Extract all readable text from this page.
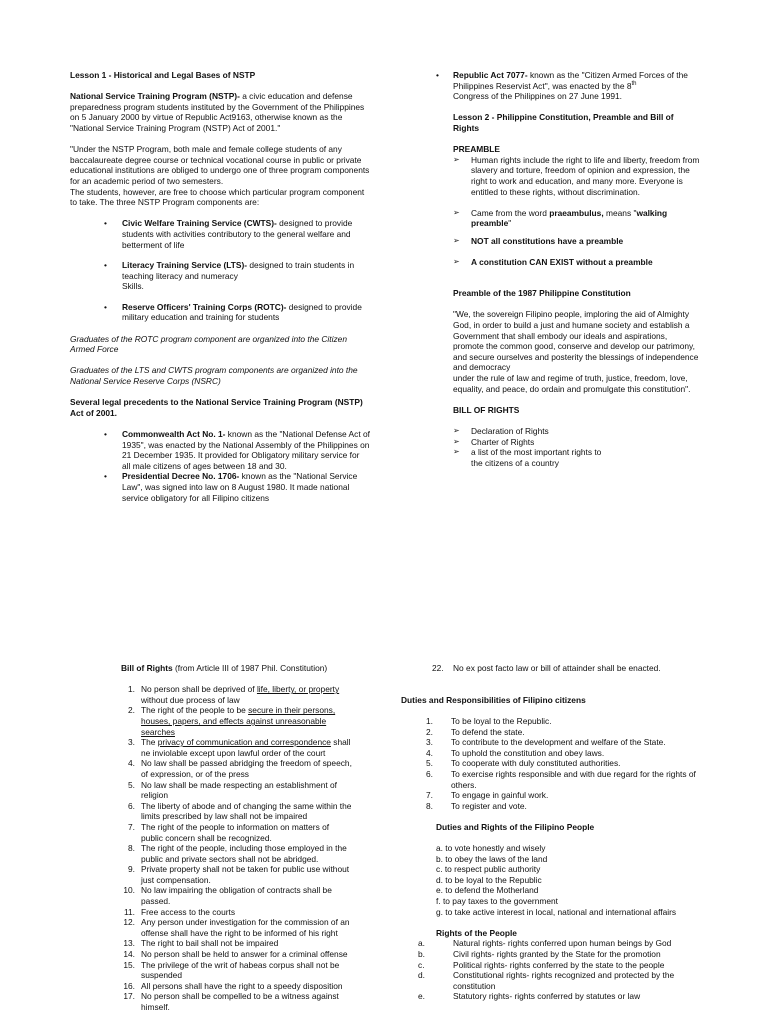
Lesson 1 - Historical and Legal Bases of NSTP

National Service Training Program (NSTP)- a civic education and defense preparedness program students instituted by the Government of the Philippines on 5 January 2000 by virtue of Republic Act9163, otherwise known as the "National Service Training Program (NSTP) Act of 2001."

"Under the NSTP Program, both male and female college students of any baccalaureate degree course or technical vocational course in public or private educational institutions are obliged to undergo one of three program components for an academic period of two semesters.

The students, however, are free to choose which particular program component to take. The three NSTP Program components are:

• Civic Welfare Training Service (CWTS)- designed to provide students with activities contributory to the general welfare and betterment of life
• Literacy Training Service (LTS)- designed to train students in teaching literacy and numeracy
Skills.
• Reserve Officers' Training Corps (ROTC)- designed to provide military education and training for students

Graduates of the ROTC program component are organized into the Citizen Armed Force

Graduates of the LTS and CWTS program components are organized into the National Service Reserve Corps (NSRC)

Several legal precedents to the National Service Training Program (NSTP) Act of 2001.

• Commonwealth Act No. 1- known as the "National Defense Act of 1935", was enacted by the National Assembly of the Philippines on 21 December 1935. It provided for Obligatory military service for all male citizens of ages between 18 and 30.
• Presidential Decree No. 1706- known as the "National Service Law", was signed into law on 8 August 1980. It made national service obligatory for all Filipino citizens
• Republic Act 7077- known as the "Citizen Armed Forces of the Philippines Reservist Act", was enacted by the 8th
Congress of the Philippines on 27 June 1991.

Lesson 2 - Philippine Constitution, Preamble and Bill of Rights

PREAMBLE

➢ Human rights include the right to life and liberty, freedom from slavery and torture, freedom of opinion and expression, the right to work and education, and many more. Everyone is entitled to these rights, without discrimination.
➢ Came from the word praeambulus, means "walking preamble"
➢ NOT all constitutions have a preamble
➢ A constitution CAN EXIST without a preamble

Preamble of the 1987 Philippine Constitution

"We, the sovereign Filipino people, imploring the aid of Almighty God, in order to build a just and humane society and establish a Government that shall embody our ideals and aspirations, promote the common good, conserve and develop our patrimony, and secure ourselves and posterity the blessings of independence and democracy

under the rule of law and regime of truth, justice, freedom, love, equality, and peace, do ordain and promulgate this constitution".

BILL OF RIGHTS

➢ Declaration of Rights
➢ Charter of Rights
➢ a list of the most important rights to the citizens of a country

Bill of Rights (from Article III of 1987 Phil. Constitution)

1. No person shall be deprived of life, liberty, or property without due process of law
2. The right of the people to be secure in their persons, houses, papers, and effects against unreasonable searches
3. The privacy of communication and correspondence shall ne inviolable except upon lawful order of the court
4. No law shall be passed abridging the freedom of speech, of expression, or of the press
5. No law shall be made respecting an establishment of religion
6. The liberty of abode and of changing the same within the limits prescribed by law shall not be impaired
7. The right of the people to information on matters of public concern shall be recognized.
8. The right of the people, including those employed in the public and private sectors shall not be abridged.
9. Private property shall not be taken for public use without just compensation.
10. No law impairing the obligation of contracts shall be passed.
11. Free access to the courts
12. Any person under investigation for the commission of an offense shall have the right to be informed of his right
13. The right to bail shall not be impaired
14. No person shall be held to answer for a criminal offense
15. The privilege of the writ of habeas corpus shall not be suspended
16. All persons shall have the right to a speedy disposition
17. No person shall be compelled to be a witness against himself.
22. No ex post facto law or bill of attainder shall be enacted.

Duties and Responsibilities of Filipino citizens

1. To be loyal to the Republic.
2. To defend the state.
3. To contribute to the development and welfare of the State.
4. To uphold the constitution and obey laws.
5. To cooperate with duly constituted authorities.
6. To exercise rights responsible and with due regard for the rights of others.
7. To engage in gainful work.
8. To register and vote.

Duties and Rights of the Filipino People

a. to vote honestly and wisely

b. to obey the laws of the land

c. to respect public authority

d. to be loyal to the Republic

e. to defend the Motherland

f. to pay taxes to the government

g. to take active interest in local, national and international affairs

Rights of the People

a.	Natural rights- rights conferred upon human beings by God
b.	Civil rights- rights granted by the State for the promotion
c.	Political rights- rights conferred by the state to the people
d.	Constitutional rights- rights recognized and protected by the constitution
e.	Statutory rights- rights conferred by statutes or law
